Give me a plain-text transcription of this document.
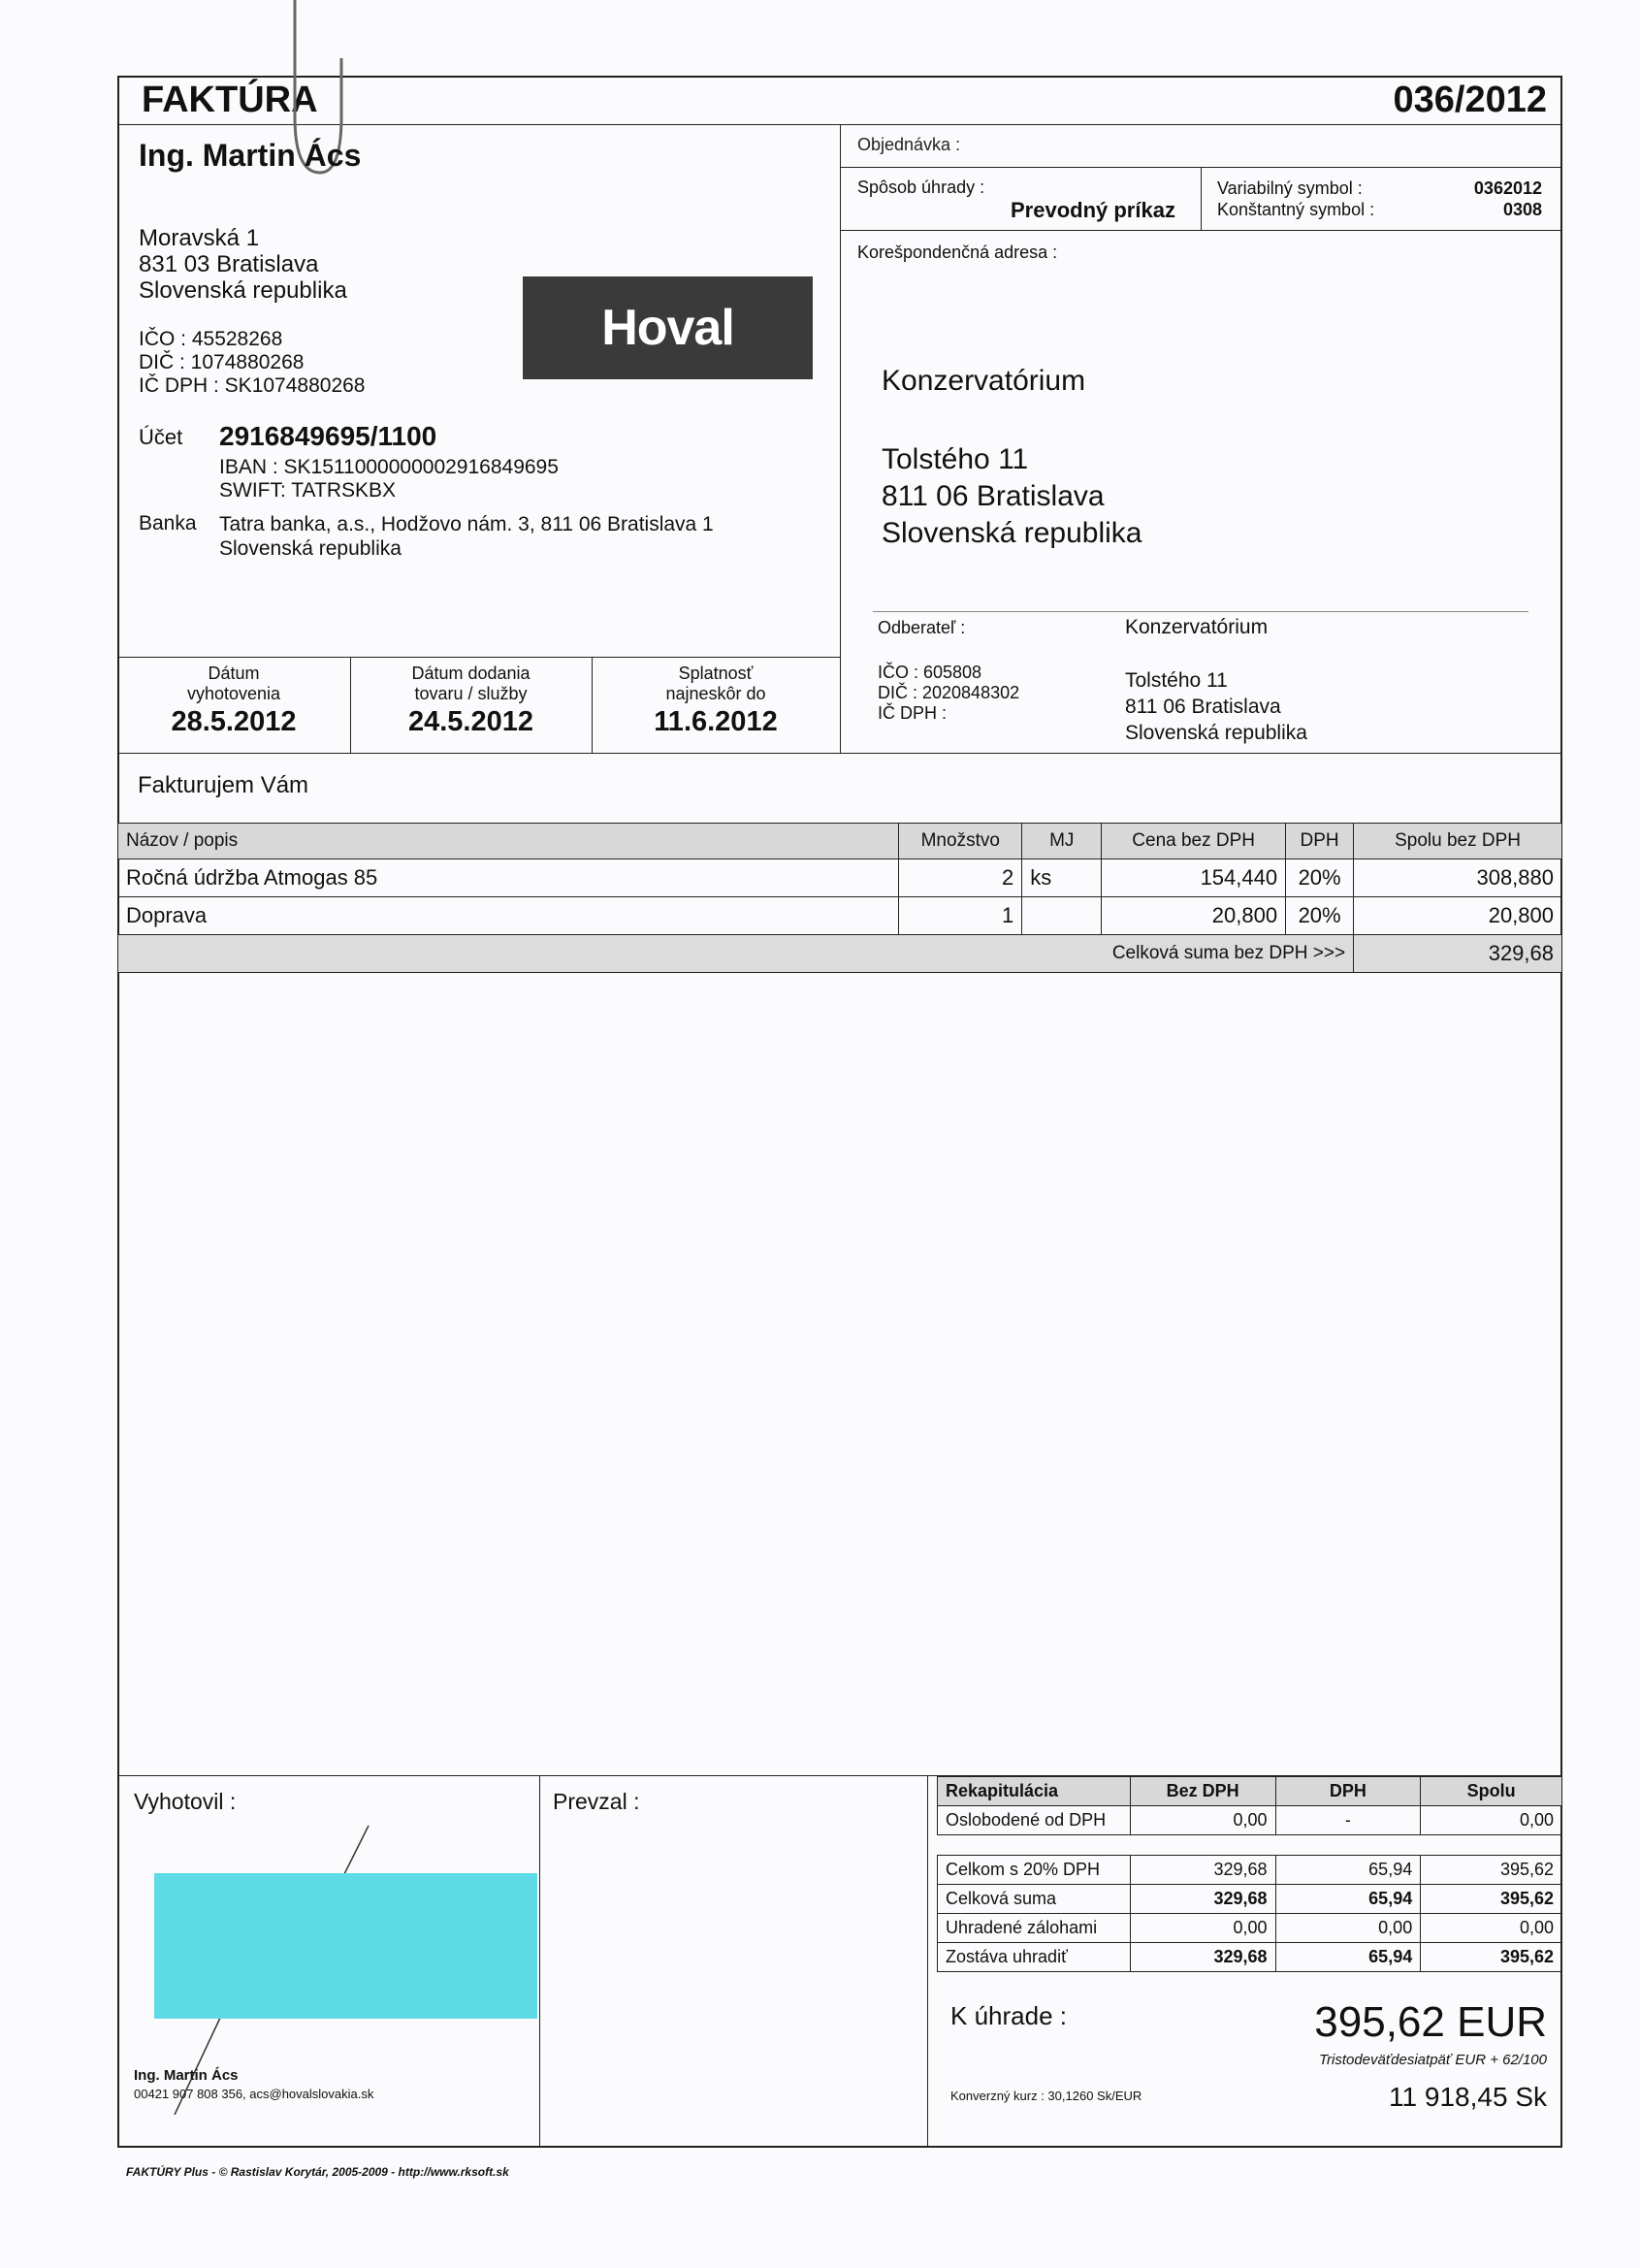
FAKTÚRA	036/2012
Ing. Martin Ács
Moravská 1
831 03 Bratislava
Slovenská republika
IČO : 45528268
DIČ : 1074880268
IČ DPH : SK1074880268
Účet 2916849695/1100
IBAN : SK1511000000002916849695
SWIFT: TATRSKBX
Banka Tatra banka, a.s., Hodžovo nám. 3, 811 06 Bratislava 1
Slovenská republika
Hoval
Objednávka :
Spôsob úhrady :
Prevodný príkaz
Variabilný symbol :	0362012
Konštantný symbol :	0308
Korešpondenčná adresa :
Konzervatórium
Tolstého 11
811 06 Bratislava
Slovenská republika
Odberateľ :	Konzervatórium
IČO : 605808
DIČ : 2020848302
IČ DPH :
Tolstého 11
811 06 Bratislava
Slovenská republika
Dátum
vyhotovenia
28.5.2012
Dátum dodania
tovaru / služby
24.5.2012
Splatnosť
najneskôr do
11.6.2012
Fakturujem Vám
Názov / popis	Množstvo	MJ	Cena bez DPH	DPH	Spolu bez DPH
Ročná údržba Atmogas 85	2	ks	154,440	20%	308,880
Doprava	1		20,800	20%	20,800
Celková suma bez DPH >>>					329,68
Vyhotovil :	Prevzal :
Ing. Martin Ács
00421 907 808 356, acs@hovalslovakia.sk
Rekapitulácia	Bez DPH	DPH	Spolu
Oslobodené od DPH	0,00	-	0,00

Celkom s 20% DPH	329,68	65,94	395,62
Celková suma	329,68	65,94	395,62
Uhradené zálohami	0,00	0,00	0,00
Zostáva uhradiť	329,68	65,94	395,62
K úhrade :	395,62 EUR
Tristodeväťdesiatpäť EUR + 62/100
Konverzný kurz : 30,1260 Sk/EUR	11 918,45 Sk
FAKTÚRY Plus - © Rastislav Korytár, 2005-2009 - http://www.rksoft.sk
